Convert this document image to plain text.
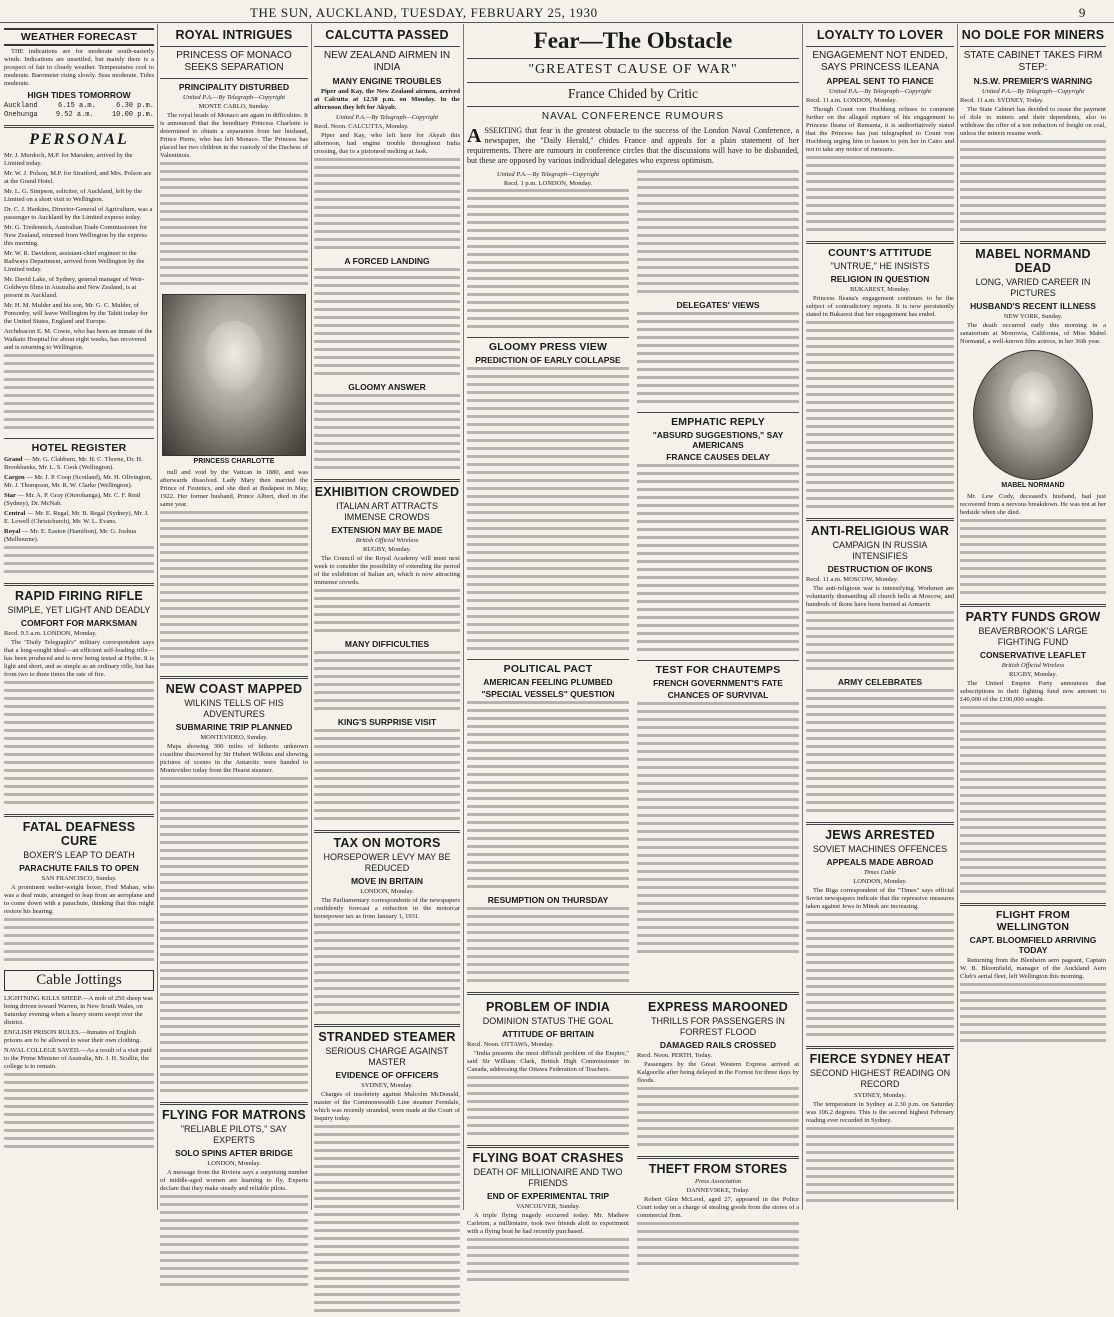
THE SUN, AUCKLAND, TUESDAY, FEBRUARY 25, 1930	9
WEATHER FORECAST
THE indications are for moderate south-easterly winds. Indications are unsettled, but mainly there is a prospect of fair to cloudy weather. Temperatures cool to moderate. Barometer rising slowly. Seas moderate. Tides moderate.
HIGH TIDES TOMORROW
Auckland	6.15 a.m.	6.30 p.m.
Onehunga	9.52 a.m.	10.00 p.m.
PERSONAL
Mr. J. Murdoch, M.P. for Marsden, arrived by the Limited today.
Mr. W. J. Polson, M.P. for Stratford, and Mrs. Polson are at the Grand Hotel.
Mr. L. G. Simpson, solicitor, of Auckland, left by the Limited on a short visit to Wellington.
Dr. C. J. Hankins, Director-General of Agriculture, was a passenger to Auckland by the Limited express today.
Mr. G. Tredennick, Australian Trade Commissioner for New Zealand, returned from Wellington by the express this morning.
Mr. W. R. Davidson, assistant-chief engineer to the Railways Department, arrived from Wellington by the Limited today.
Mr. David Lake, of Sydney, general manager of Weir-Goldwyn films in Australia and New Zealand, is at present in Auckland.
Mr. H. M. Mulder and his son, Mr. G. C. Mulder, of Ponsonby, will leave Wellington by the Tahiti today for the United States, England and Europe.
Archdeacon E. M. Cowie, who has been an inmate of the Waikato Hospital for about eight weeks, has recovered and is returning to Wellington.
HOTEL REGISTER
Grand — Mr. G. Clabburn, Mr. H. C. Thorne, Dr. H. Brookbanks, Mr. L. S. Cook (Wellington).
Cargen — Mr. J. P. Coop (Scotland), Mr. H. Olivington, Mr. J. Thompson, Mr. R. W. Clarke (Wellington).
Star — Mr. A. P. Gray (Otorohanga), Mr. C. F. Reid (Sydney), Dr. McNab.
Central — Mr. E. Regal, Mr. B. Regal (Sydney), Mr. J. E. Lowell (Christchurch), Mr. W. L. Evans.
Royal — Mr. E. Easton (Hamilton), Mr. G. Joshua (Melbourne).
RAPID FIRING RIFLE
SIMPLE, YET LIGHT AND DEADLY
COMFORT FOR MARKSMAN
Recd. 9.5 a.m. LONDON, Monday.
The "Daily Telegraph's" military correspondent says that a long-sought ideal—an efficient self-loading rifle—has been produced and is now being tested at Hythe. It is light and short, and as simple as an ordinary rifle, but has from two to three times the rate of fire.
FATAL DEAFNESS CURE
BOXER'S LEAP TO DEATH
PARACHUTE FAILS TO OPEN
SAN FRANCISCO, Sunday.
A prominent welter-weight boxer, Fred Mahan, who was a deaf mute, arranged to leap from an aeroplane and to come down with a parachute, thinking that this might restore his hearing.
Cable Jottings
LIGHTNING KILLS SHEEP.—A mob of 250 sheep was being driven toward Warren, in New South Wales, on Saturday evening when a heavy storm swept over the district.
ENGLISH PRISON RULES.—Inmates of English prisons are to be allowed to wear their own clothing.
NAVAL COLLEGE SAVED.—As a result of a visit paid to the Prime Minister of Australia, Mr. J. H. Scullin, the college is to remain.
ROYAL INTRIGUES
PRINCESS OF MONACO SEEKS SEPARATION
PRINCIPALITY DISTURBED
United P.A.—By Telegraph—Copyright
MONTE CARLO, Sunday.
The royal heads of Monaco are again in difficulties. It is announced that the hereditary Princess Charlotte is determined to obtain a separation from her husband, Prince Pierre, who has left Monaco. The Princess has placed her two children in the custody of the Duchess of Valentinois.
PRINCESS CHARLOTTE
null and void by the Vatican in 1880, and was afterwards dissolved. Lady Mary then married the Prince of Festetics, and she died at Budapest in May, 1922. Her former husband, Prince Albert, died in the same year.
NEW COAST MAPPED
WILKINS TELLS OF HIS ADVENTURES
SUBMARINE TRIP PLANNED
MONTEVIDEO, Sunday.
Maps showing 300 miles of hitherto unknown coastline discovered by Sir Hubert Wilkins and showing pictures of scenes in the Antarctic were handed to Montevideo today from the Hearst steamer.
FLYING FOR MATRONS
"RELIABLE PILOTS," SAY EXPERTS
SOLO SPINS AFTER BRIDGE
LONDON, Monday.
A message from the Riviera says a surprising number of middle-aged women are learning to fly. Experts declare that they make steady and reliable pilots.
CALCUTTA PASSED
NEW ZEALAND AIRMEN IN INDIA
MANY ENGINE TROUBLES
Piper and Kay, the New Zealand airmen, arrived at Calcutta at 12.50 p.m. on Monday. In the afternoon they left for Akyab.
United P.A.—By Telegraph—Copyright
Recd. Noon. CALCUTTA, Monday.
Piper and Kay, who left here for Akyab this afternoon, had engine trouble throughout India crossing, due to a pistonrod melting at Jask.
A FORCED LANDING
GLOOMY ANSWER
EXHIBITION CROWDED
ITALIAN ART ATTRACTS IMMENSE CROWDS
EXTENSION MAY BE MADE
British Official Wireless
RUGBY, Monday.
The Council of the Royal Academy will meet next week to consider the possibility of extending the period of the exhibition of Italian art, which is now attracting immense crowds.
MANY DIFFICULTIES
KING'S SURPRISE VISIT
TAX ON MOTORS
HORSEPOWER LEVY MAY BE REDUCED
MOVE IN BRITAIN
LONDON, Monday.
The Parliamentary correspondents of the newspapers confidently forecast a reduction in the motorcar horsepower tax as from January 1, 1931.
STRANDED STEAMER
SERIOUS CHARGE AGAINST MASTER
EVIDENCE OF OFFICERS
SYDNEY, Monday.
Charges of insobriety against Malcolm McDonald, master of the Commonwealth Line steamer Ferndale, which was recently stranded, were made at the Court of Inquiry today.
Fear—The Obstacle
"GREATEST CAUSE OF WAR"
France Chided by Critic
NAVAL CONFERENCE RUMOURS
ASSERTING that fear is the greatest obstacle to the success of the London Naval Conference, a newspaper, the "Daily Herald," chides France and appeals for a plain statement of her requirements. There are rumours in conference circles that the discussions will have to be disbanded, but these are opposed by various individual delegates who express optimism.
United P.A.—By Telegraph—Copyright
Recd. 1 p.m. LONDON, Monday.
GLOOMY PRESS VIEW
PREDICTION OF EARLY COLLAPSE
POLITICAL PACT
AMERICAN FEELING PLUMBED
"SPECIAL VESSELS" QUESTION
RESUMPTION ON THURSDAY
DELEGATES' VIEWS
EMPHATIC REPLY
"ABSURD SUGGESTIONS," SAY AMERICANS
FRANCE CAUSES DELAY
TEST FOR CHAUTEMPS
FRENCH GOVERNMENT'S FATE
CHANCES OF SURVIVAL
PROBLEM OF INDIA
DOMINION STATUS THE GOAL
ATTITUDE OF BRITAIN
Recd. Noon. OTTAWA, Monday.
"India presents the most difficult problem of the Empire," said Sir William Clark, British High Commissioner in Canada, addressing the Ottawa Federation of Teachers.
FLYING BOAT CRASHES
DEATH OF MILLIONAIRE AND TWO FRIENDS
END OF EXPERIMENTAL TRIP
VANCOUVER, Sunday.
A triple flying tragedy occurred today. Mr. Mathew Carleton, a millionaire, took two friends aloft to experiment with a flying boat he had recently purchased.
EXPRESS MAROONED
THRILLS FOR PASSENGERS IN FORREST FLOOD
DAMAGED RAILS CROSSED
Recd. Noon. PERTH, Today.
Passengers by the Great Western Express arrived at Kalgoorlie after being delayed in the Forrest for three days by floods.
THEFT FROM STORES
Press Association
DANNEVIRKE, Today.
Robert Glen McLeod, aged 27, appeared in the Police Court today on a charge of stealing goods from the stores of a commercial firm.
LOYALTY TO LOVER
ENGAGEMENT NOT ENDED, SAYS PRINCESS ILEANA
APPEAL SENT TO FIANCE
United P.A.—By Telegraph—Copyright
Recd. 11 a.m. LONDON, Monday.
Though Count von Hochberg refuses to comment further on the alleged rupture of his engagement to Princess Ileana of Rumania, it is authoritatively stated that the Princess has just telegraphed to Count von Hochberg urging him to hasten to join her in Cairo and not to take any notice of rumours.
COUNT'S ATTITUDE
"UNTRUE," HE INSISTS
RELIGION IN QUESTION
BUKAREST, Monday.
Princess Ileana's engagement continues to be the subject of contradictory reports. It is now persistently stated in Bukarest that her engagement has ended.
ANTI-RELIGIOUS WAR
CAMPAIGN IN RUSSIA INTENSIFIES
DESTRUCTION OF IKONS
Recd. 11 a.m. MOSCOW, Monday.
The anti-religious war is intensifying. Workmen are voluntarily dismantling all church bells at Moscow, and hundreds of ikons have been burned at Armavir.
ARMY CELEBRATES
JEWS ARRESTED
SOVIET MACHINES OFFENCES
APPEALS MADE ABROAD
Times Cable
LONDON, Monday.
The Riga correspondent of the "Times" says official Soviet newspapers indicate that the repressive measures taken against Jews in Minsk are increasing.
FIERCE SYDNEY HEAT
SECOND HIGHEST READING ON RECORD
SYDNEY, Monday.
The temperature in Sydney at 2.30 p.m. on Saturday was 106.2 degrees. This is the second highest February reading ever recorded in Sydney.
NO DOLE FOR MINERS
STATE CABINET TAKES FIRM STEP:
N.S.W. PREMIER'S WARNING
United P.A.—By Telegraph—Copyright
Recd. 11 a.m. SYDNEY, Today.
The State Cabinet has decided to cease the payment of dole to miners and their dependents, also to withdraw the offer of a ton reduction of freight on coal, unless the miners resume work.
MABEL NORMAND DEAD
LONG, VARIED CAREER IN PICTURES
HUSBAND'S RECENT ILLNESS
NEW YORK, Sunday.
The death occurred early this morning in a sanatorium at Monrovia, California, of Miss Mabel Normand, a well-known film actress, in her 36th year.
MABEL NORMAND
Mr. Lew Cody, deceased's husband, had just recovered from a nervous breakdown. He was not at her bedside when she died.
PARTY FUNDS GROW
BEAVERBROOK'S LARGE FIGHTING FUND
CONSERVATIVE LEAFLET
British Official Wireless
RUGBY, Monday.
The United Empire Party announces that subscriptions to their fighting fund now amount to £40,000 of the £100,000 sought.
FLIGHT FROM WELLINGTON
CAPT. BLOOMFIELD ARRIVING TODAY
Returning from the Blenheim aero pageant, Captain W. B. Bloomfield, manager of the Auckland Aero Club's aerial fleet, left Wellington this morning.
